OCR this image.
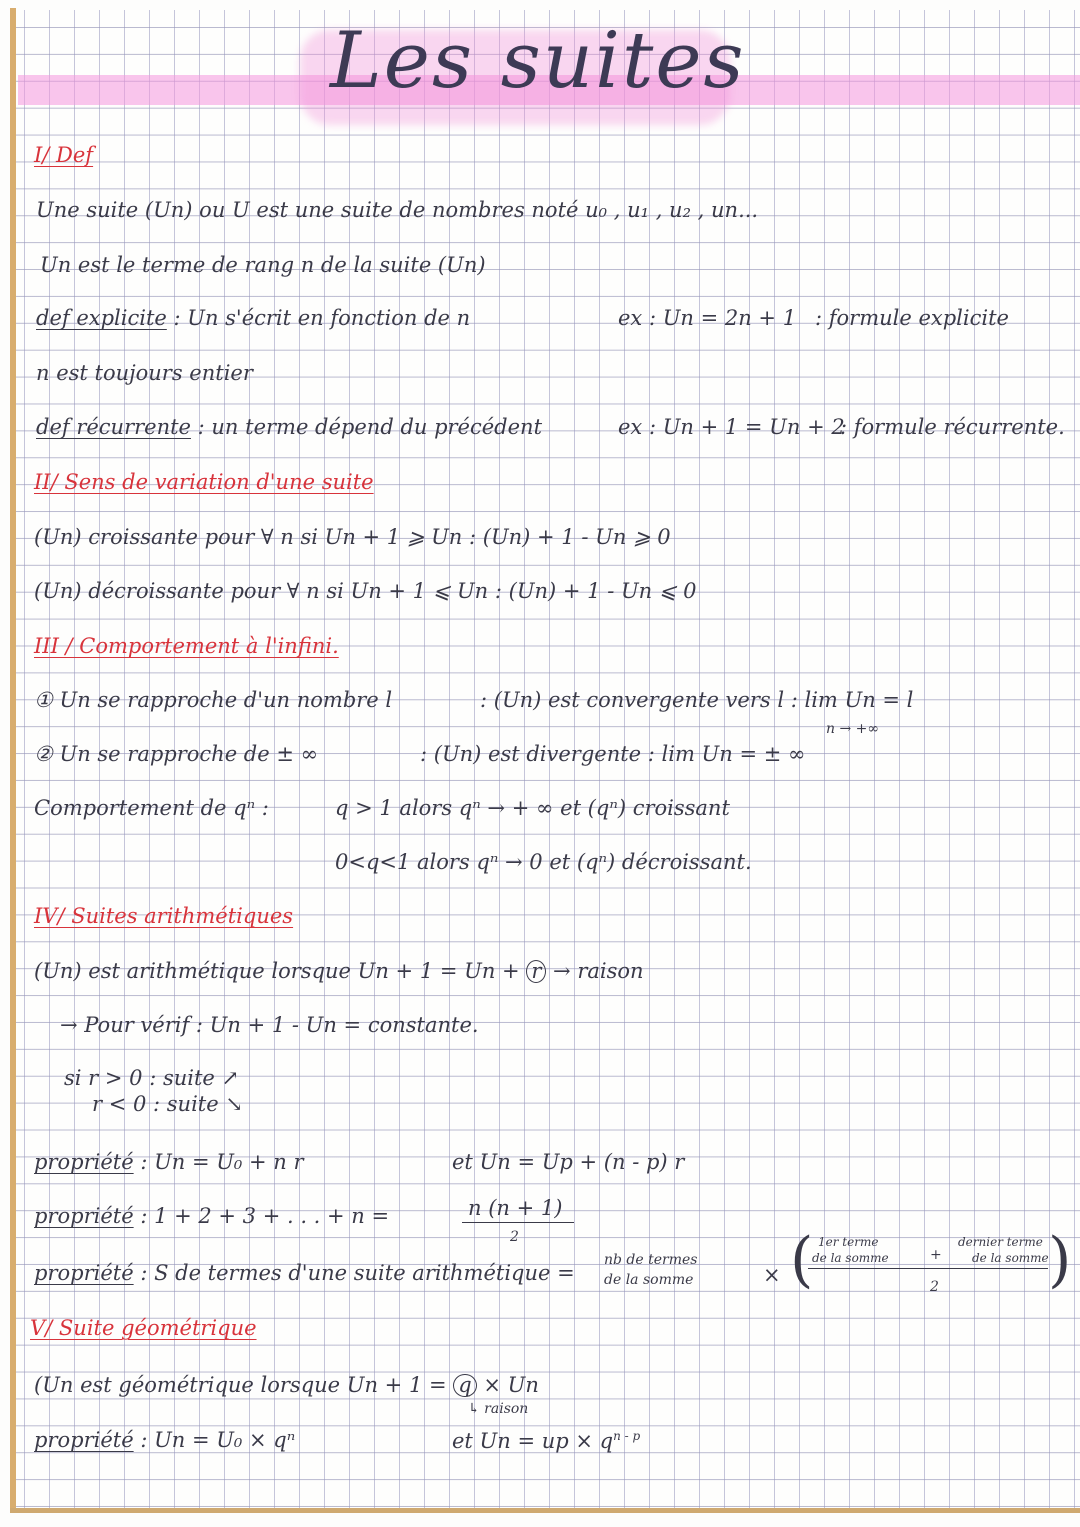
Les suites
I/ Def
Une suite (Un) ou U est une suite de nombres noté u₀ , u₁ , u₂ , un...
Un est le terme de rang n de la suite (Un)
def explicite : Un s'écrit en fonction de n	ex : Un = 2n + 1 : formule explicite
n est toujours entier
def récurrente : un terme dépend du précédent	ex : Un + 1 = Un + 2
: formule récurrente.
II/ Sens de variation d'une suite
(Un) croissante pour ∀ n si Un + 1 ⩾ Un : (Un) + 1 - Un ⩾ 0
(Un) décroissante pour ∀ n si Un + 1 ⩽ Un : (Un) + 1 - Un ⩽ 0
III / Comportement à l'infini.
① Un se rapproche d'un nombre l	: (Un) est convergente vers l : lim Un = l
n → +∞
② Un se rapproche de ± ∞	: (Un) est divergente : lim Un = ± ∞
Comportement de qⁿ :	q > 1 alors qⁿ → + ∞ et (qⁿ) croissant
0<q<1 alors qⁿ → 0 et (qⁿ) décroissant.
IV/ Suites arithmétiques
(Un) est arithmétique lorsque Un + 1 = Un + r → raison
→ Pour vérif : Un + 1 - Un = constante.
si r > 0 : suite ↗
r < 0 : suite ↘
propriété : Un = U₀ + n r	et Un = Up + (n - p) r
propriété : 1 + 2 + 3 + . . . + n =	n (n + 1)
2
propriété : S de termes d'une suite arithmétique =
nb de termes
de la somme	× ( 1er terme
de la somme	+
dernier terme
de la somme
2 )
V/ Suite géométrique
(Un est géométrique lorsque Un + 1 = q × Un
↳ raison
propriété : Un = U₀ × qⁿ	et Un = up × $q^{n - p}$
